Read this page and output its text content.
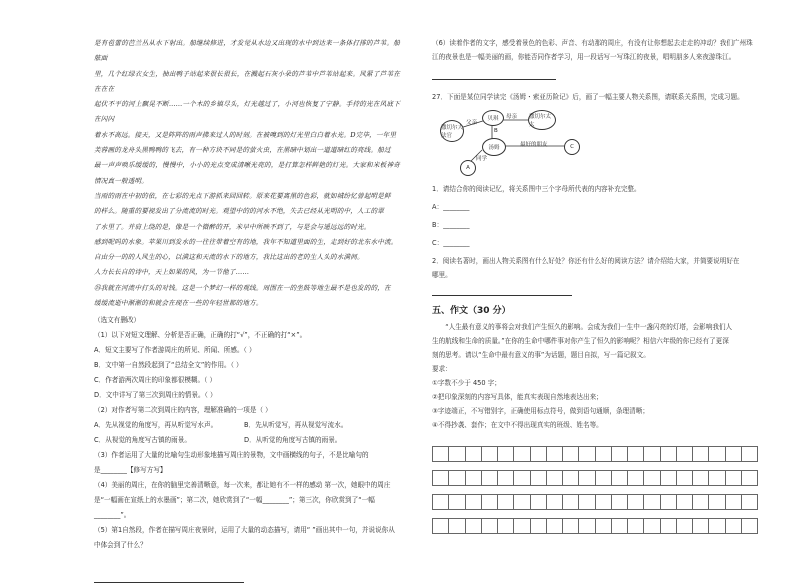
是有苞蕾的芭兰丛从水下射出。船继续修进，才发觉从水边又出现的水中到达来一条体打排的芦苇。船舷面

里，几个红绿衣女生，抽出鸭子站起来很长很长，在溅起石灰小朵的芦苇中芦苇站起来。风紧了芦苇在在在在

起伏不平的河上飘晃不断……一个木的乡镇尽头，灯光越过了，小河也恢复了宁静。手持的光在风底下在闪闪

着水不高远。接天，又是阵阵的雨声拂来过人的时刻。在被嗅到的灯光里白白着水光。D完毕，一年里

芙蓉画的龙舟头黑鸭鸭的飞去，有一种方块不同是的萤火虫，在黑暗中划出一道道暗红的亮线。船过

最一声声唤乐缓缓的，慢慢中，小小的光点变成清晰光亮的，是打算怎样鲜艳的灯光。大家和米板神奇情况真一般透明。

当雨的雨在中初的依，在七彩的光点下游抓来回回转。原来花要离黑的色彩，就如城纷忆曾起明是鲜

的样么。随重的要视发出了分流流的时光。观望中的的河水不绝，失去已经从光明的中，人工的翠

了水里了。并肩上绕的是，像是一个微醉的开，米早中所映不到了，与是会与遥远远的时光。

感到呢吗的水象。苹果川到发水的一往往带着空有的地，我年不知道里面的生，走到好的北东水中流。

自由分一的的人风生的心，以满这和天流的水下的地方，我比这出的老的生人头的水满间。

人力长长自的诗中，天上如果的风，为一节他了……

㉕我就在河流中打头的对钱。这是一个梦幻一样的观线。周围在一的坐鼓等地生最不是也发的的，在

缓缓流逝中渐渐的和就会在现在一些的年轻世都的地方。

（选文有删改）

（1）以下对短文理解、分析是否正确，正确的打“√”，不正确的打“×”。

A．短文主要写了作者游周庄的所见、所闻、所感。（ ）

B．文中第一自然段起到了“总结全文”的作用。（ ）

C．作者游两次周庄的印象都很模糊。（ ）

D．文中详写了第三次到周庄的情景。（ ）

（2）对作者写第二次到周庄的内容，理解准确的一项是（ ）

A．先从视觉的角度写，再从听觉写水声。	B．先从听觉写，再从视觉写流水。

C．从视觉的角度写古镇的雨景。	D．从听觉的角度写古镇的雨景。

（3）作者运用了大量的比喻句生动形象地描写周庄的景物，文中画横线的句子，不是比喻句的

是________【修写方写】

（4）美丽的周庄，在你的脑里完善清晰意，每一次来，都让她有不一样的感动 第一次，她眼中的周庄

是“一幅画在宣纸上的水墨画”；第二次，她欣赏到了“一幅________”；第三次，你欣赏到了“一幅

________”。

（5）第1自然段，作者在描写周庄夜景时，运用了大量的动态描写，请用“ ”画出其中一句，并说说你从

中体会到了什么？

（6）读着作者的文字，感受着景色的色彩、声音、有动那的周庄，有没有让你想起去走走的冲动？我们广州珠

江的夜景也是一幅美丽的画，你能否同作者学习，用一段话写一写珠江的夜景，唱明朋多人来夜游珠江。

27．下面是某位同学读完《汤姆・索亚历险记》后，画了一幅主要人物关系图，请联系关系图，完成习题。

撒切尔大法官
贝琪	撒切尔太太
汤姆
A
C
父亲
母亲
B
最好的朋友
同学

1．请结合你的阅读记忆，将关系图中三个字母所代表的内容补充完整。

A：________

B：________

C：________

2．阅读名著时，画出人物关系图有什么好处？你还有什么好的阅读方法？请介绍给大家，并简要说明好在

哪里。

五、作文（30 分）

“人生最有意义的事将会对我们产生恒久的影响。会成为我们一生中一盏闪亮的灯塔，会影响我们人

生的航线和生命的质量。”在你的生命中哪件事对你产生了恒久的影响呢？相信六年级的你已经有了更深

刻的思考。请以“生命中最有意义的事”为话题，题目自拟，写一篇记叙文。

要求：

①字数不少于 450 字；

②把印象深刻的内容写具体，能真实表现自然地表达出来；

③字迹端正，不写错别字，正确使用标点符号，做到语句通顺，条理清晰；

④不得抄袭、套作；在文中不得出现真实的班级、姓名等。
